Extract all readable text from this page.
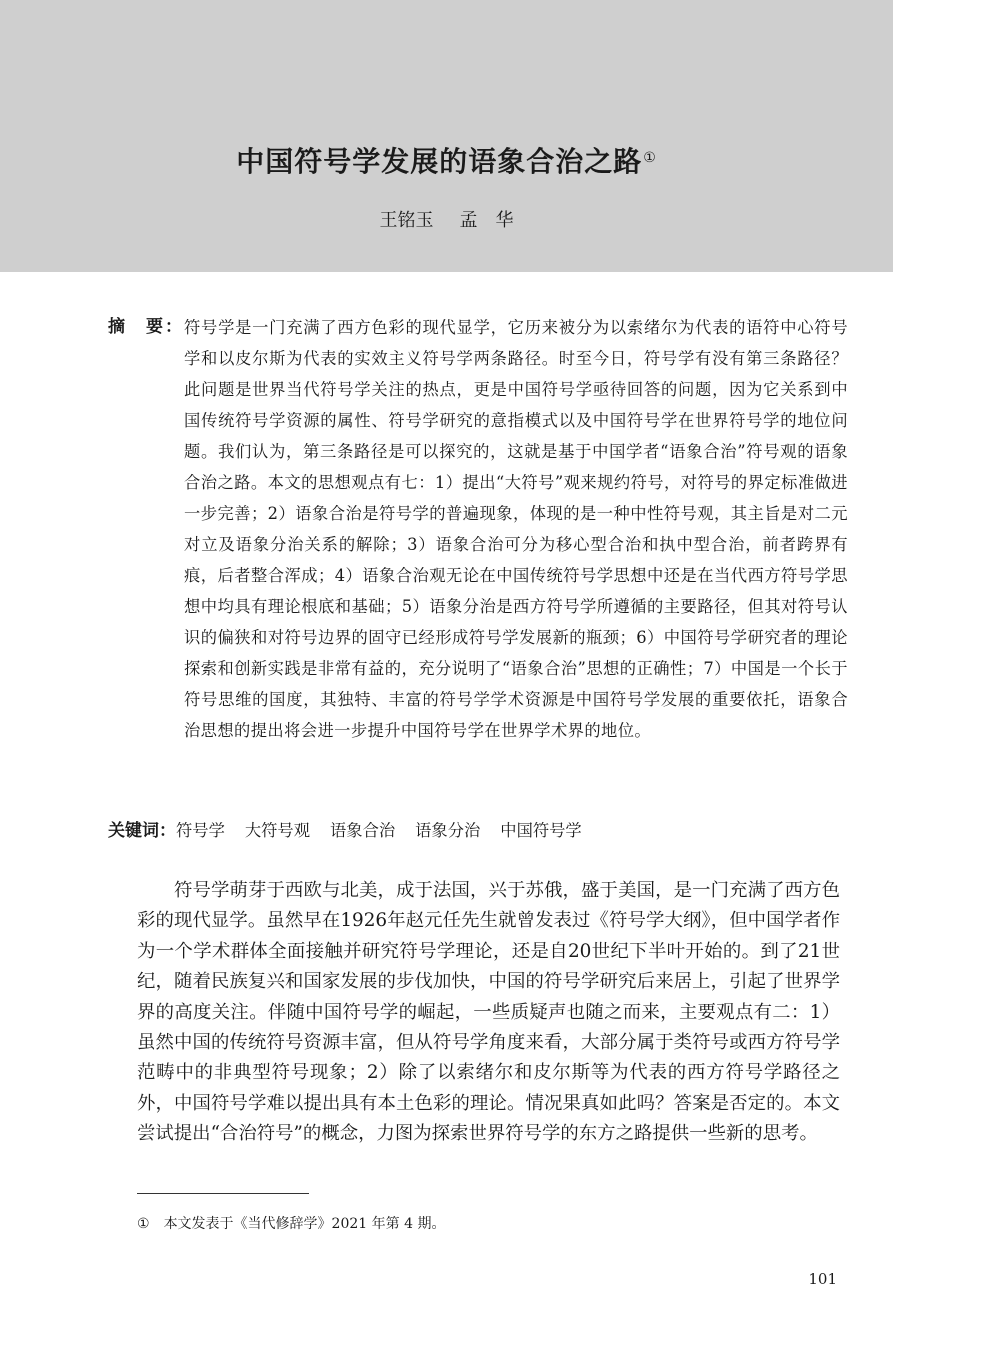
中国符号学发展的语象合治之路①
王铭玉 孟　华
摘　要： 符号学是一门充满了西方色彩的现代显学，它历来被分为以索绪尔为代表的语符中心符号学和以皮尔斯为代表的实效主义符号学两条路径。时至今日，符号学有没有第三条路径？此问题是世界当代符号学关注的热点，更是中国符号学亟待回答的问题，因为它关系到中国传统符号学资源的属性、符号学研究的意指模式以及中国符号学在世界符号学的地位问题。我们认为，第三条路径是可以探究的，这就是基于中国学者“语象合治”符号观的语象合治之路。本文的思想观点有七：1）提出“大符号”观来规约符号，对符号的界定标准做进一步完善；2）语象合治是符号学的普遍现象，体现的是一种中性符号观，其主旨是对二元对立及语象分治关系的解除；3）语象合治可分为移心型合治和执中型合治，前者跨界有痕，后者整合浑成；4）语象合治观无论在中国传统符号学思想中还是在当代西方符号学思想中均具有理论根底和基础；5）语象分治是西方符号学所遵循的主要路径，但其对符号认识的偏狭和对符号边界的固守已经形成符号学发展新的瓶颈；6）中国符号学研究者的理论探索和创新实践是非常有益的，充分说明了“语象合治”思想的正确性；7）中国是一个长于符号思维的国度，其独特、丰富的符号学学术资源是中国符号学发展的重要依托，语象合治思想的提出将会进一步提升中国符号学在世界学术界的地位。

关键词：符号学 大符号观 语象合治 语象分治 中国符号学

符号学萌芽于西欧与北美，成于法国，兴于苏俄，盛于美国，是一门充满了西方色彩的现代显学。虽然早在1926年赵元任先生就曾发表过《符号学大纲》，但中国学者作为一个学术群体全面接触并研究符号学理论，还是自20世纪下半叶开始的。到了21世纪，随着民族复兴和国家发展的步伐加快，中国的符号学研究后来居上，引起了世界学界的高度关注。伴随中国符号学的崛起，一些质疑声也随之而来，主要观点有二：1）虽然中国的传统符号资源丰富，但从符号学角度来看，大部分属于类符号或西方符号学范畴中的非典型符号现象；2）除了以索绪尔和皮尔斯等为代表的西方符号学路径之外，中国符号学难以提出具有本土色彩的理论。情况果真如此吗？答案是否定的。本文尝试提出“合治符号”的概念，力图为探索世界符号学的东方之路提供一些新的思考。

① 本文发表于《当代修辞学》2021 年第 4 期。
101
